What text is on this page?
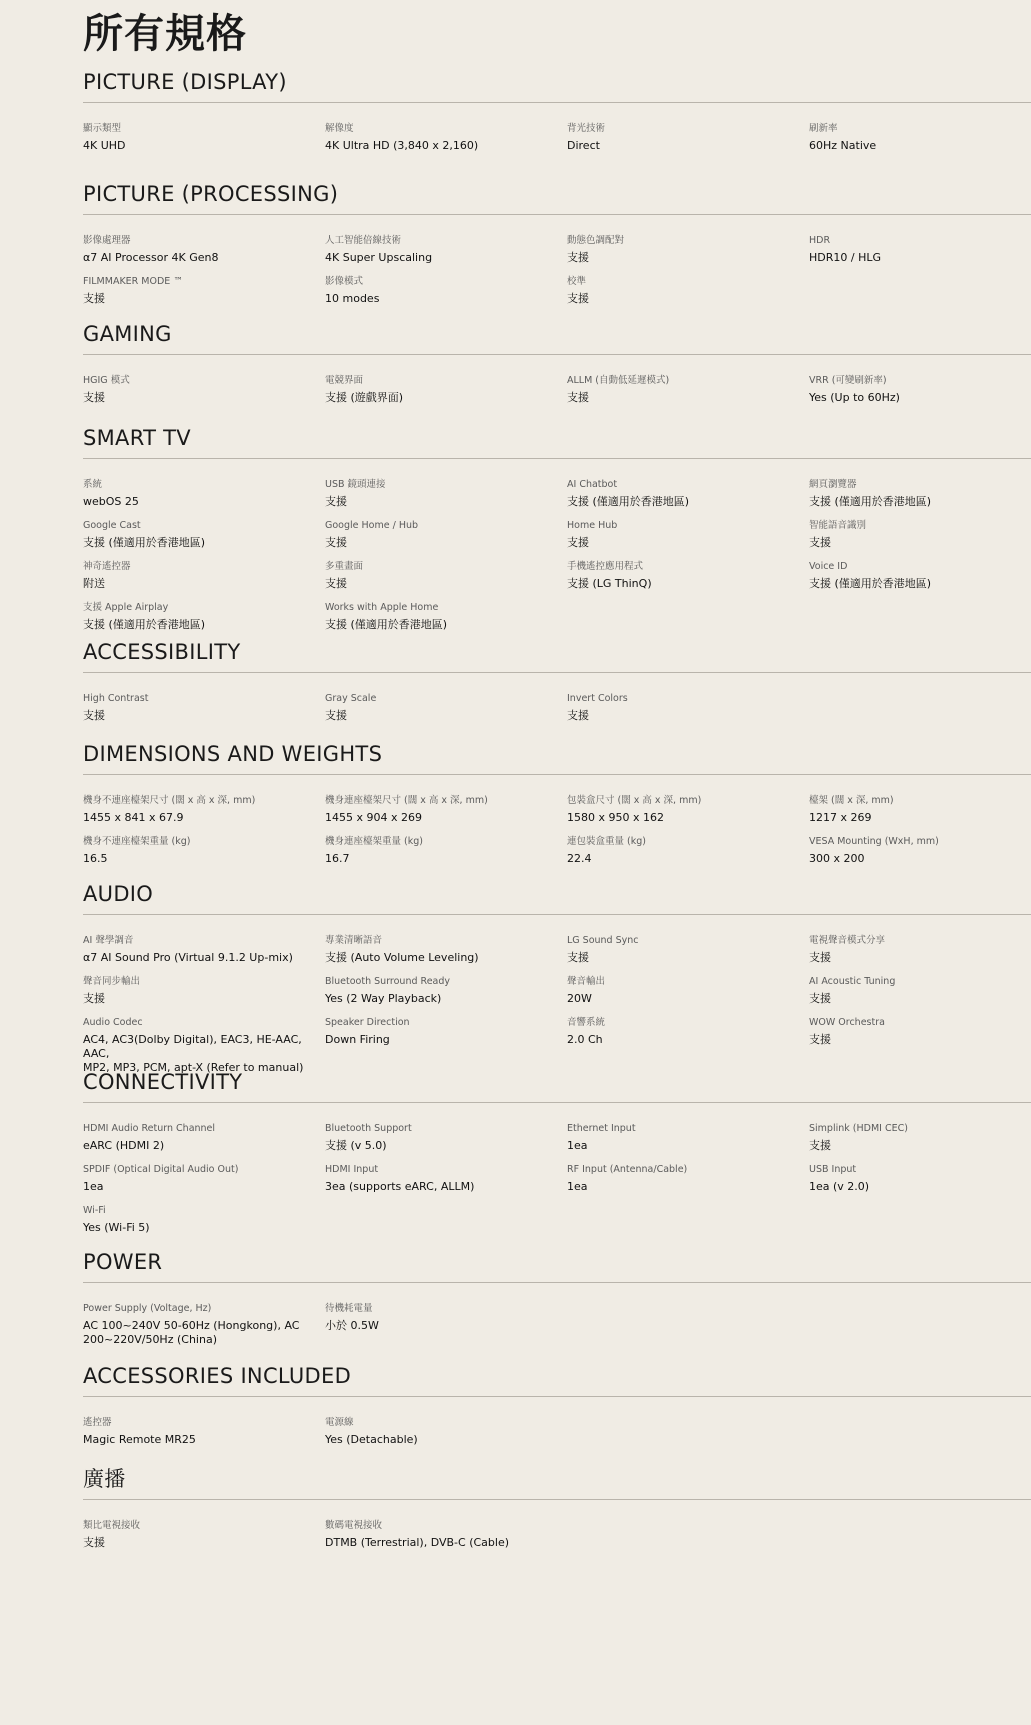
所有規格
PICTURE (DISPLAY)
顯示類型
4K UHD
解像度
4K Ultra HD (3,840 x 2,160)
背光技術
Direct
刷新率
60Hz Native
PICTURE (PROCESSING)
影像處理器
α7 AI Processor 4K Gen8
人工智能倍線技術
4K Super Upscaling
動態色調配對
支援
HDR
HDR10 / HLG
FILMMAKER MODE ™
支援
影像模式
10 modes
校準
支援
GAMING
HGIG 模式
支援
電競界面
支援 (遊戲界面)
ALLM (自動低延遲模式)
支援
VRR (可變刷新率)
Yes (Up to 60Hz)
SMART TV
系統
webOS 25
USB 鏡頭連接
支援
AI Chatbot
支援 (僅適用於香港地區)
網頁瀏覽器
支援 (僅適用於香港地區)
Google Cast
支援 (僅適用於香港地區)
Google Home / Hub
支援
Home Hub
支援
智能語音識別
支援
神奇遙控器
附送
多重畫面
支援
手機遙控應用程式
支援 (LG ThinQ)
Voice ID
支援 (僅適用於香港地區)
支援 Apple Airplay
支援 (僅適用於香港地區)
Works with Apple Home
支援 (僅適用於香港地區)
ACCESSIBILITY
High Contrast
支援
Gray Scale
支援
Invert Colors
支援
DIMENSIONS AND WEIGHTS
機身不連座檯架尺寸 (闊 x 高 x 深, mm)
1455 x 841 x 67.9
機身連座檯架尺寸 (闊 x 高 x 深, mm)
1455 x 904 x 269
包裝盒尺寸 (闊 x 高 x 深, mm)
1580 x 950 x 162
檯架 (闊 x 深, mm)
1217 x 269
機身不連座檯架重量 (kg)
16.5
機身連座檯架重量 (kg)
16.7
連包裝盒重量 (kg)
22.4
VESA Mounting (WxH, mm)
300 x 200
AUDIO
AI 聲學調音
α7 AI Sound Pro (Virtual 9.1.2 Up-mix)
專業清晰語音
支援 (Auto Volume Leveling)
LG Sound Sync
支援
電視聲音模式分享
支援
聲音同步輸出
支援
Bluetooth Surround Ready
Yes (2 Way Playback)
聲音輸出
20W
AI Acoustic Tuning
支援
Audio Codec
AC4, AC3(Dolby Digital), EAC3, HE-AAC, AAC,
MP2, MP3, PCM, apt-X (Refer to manual)
Speaker Direction
Down Firing
音響系統
2.0 Ch
WOW Orchestra
支援
CONNECTIVITY
HDMI Audio Return Channel
eARC (HDMI 2)
Bluetooth Support
支援 (v 5.0)
Ethernet Input
1ea
Simplink (HDMI CEC)
支援
SPDIF (Optical Digital Audio Out)
1ea
HDMI Input
3ea (supports eARC, ALLM)
RF Input (Antenna/Cable)
1ea
USB Input
1ea (v 2.0)
Wi-Fi
Yes (Wi-Fi 5)
POWER
Power Supply (Voltage, Hz)
AC 100~240V 50-60Hz (Hongkong), AC
200~220V/50Hz (China)
待機耗電量
小於 0.5W
ACCESSORIES INCLUDED
遙控器
Magic Remote MR25
電源線
Yes (Detachable)
廣播
類比電視接收
支援
數碼電視接收
DTMB (Terrestrial), DVB-C (Cable)
